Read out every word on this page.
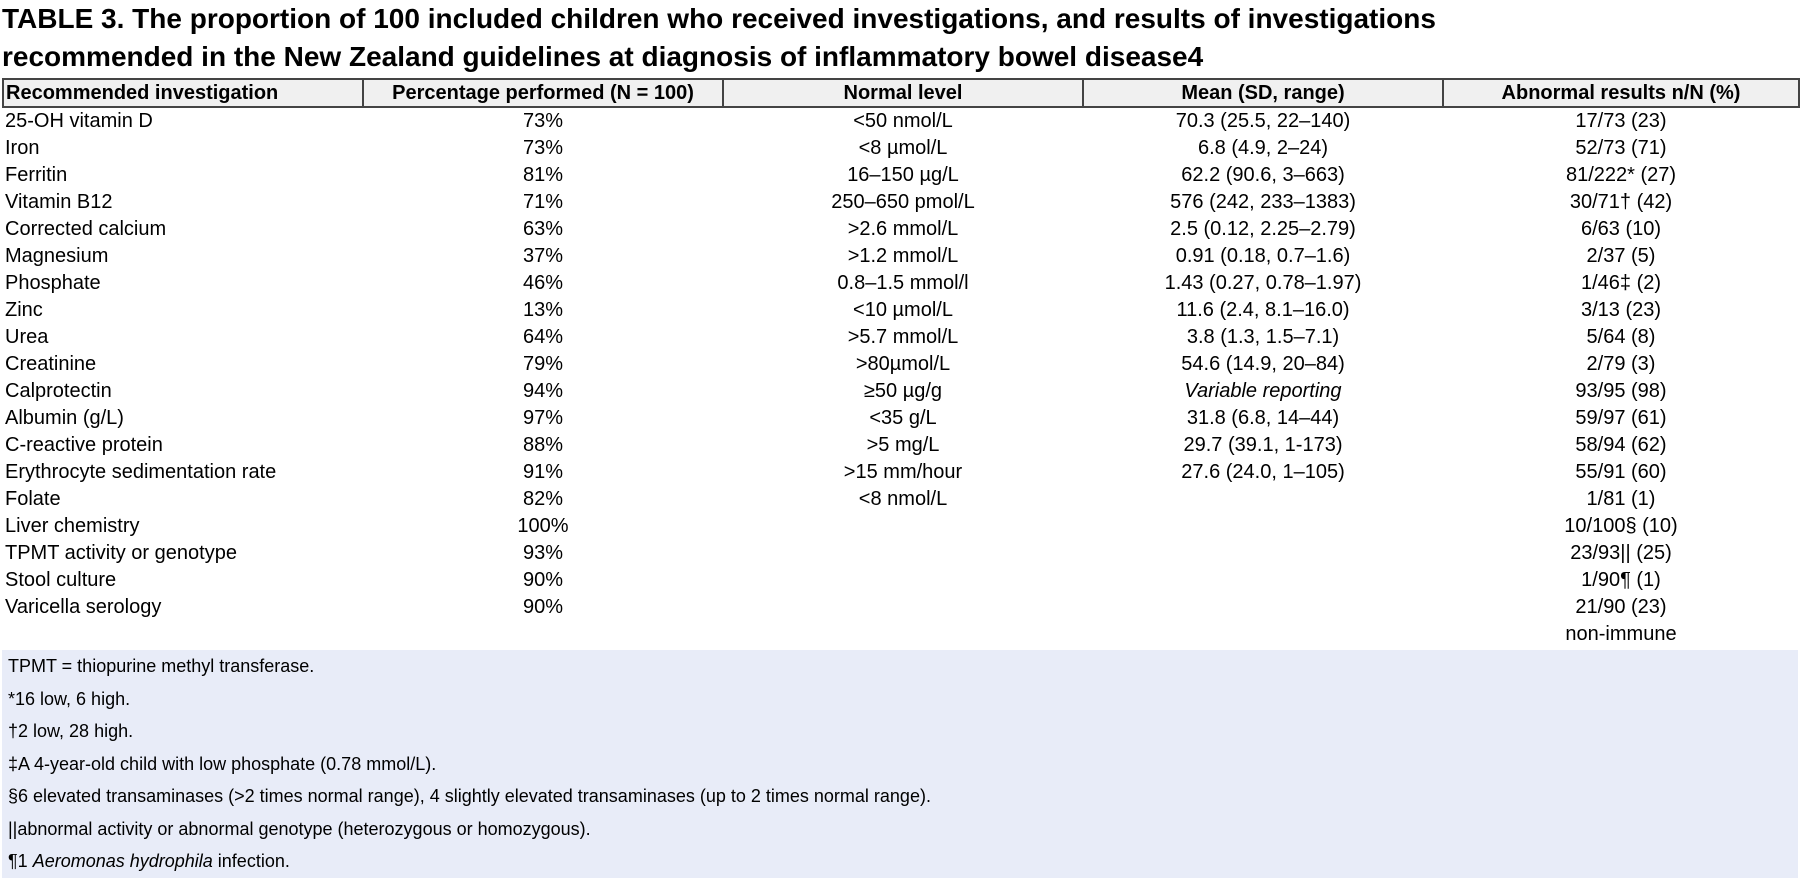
TABLE 3. The proportion of 100 included children who received investigations, and results of investigations
recommended in the New Zealand guidelines at diagnosis of inflammatory bowel disease4
Recommended investigation	Percentage performed (N = 100)	Normal level	Mean (SD, range)	Abnormal results n/N (%)
25-OH vitamin D	73%	<50 nmol/L	70.3 (25.5, 22–140)	17/73 (23)
Iron	73%	<8 µmol/L	6.8 (4.9, 2–24)	52/73 (71)
Ferritin	81%	16–150 µg/L	62.2 (90.6, 3–663)	81/222* (27)
Vitamin B12	71%	250–650 pmol/L	576 (242, 233–1383)	30/71† (42)
Corrected calcium	63%	>2.6 mmol/L	2.5 (0.12, 2.25–2.79)	6/63 (10)
Magnesium	37%	>1.2 mmol/L	0.91 (0.18, 0.7–1.6)	2/37 (5)
Phosphate	46%	0.8–1.5 mmol/l	1.43 (0.27, 0.78–1.97)	1/46‡ (2)
Zinc	13%	<10 µmol/L	11.6 (2.4, 8.1–16.0)	3/13 (23)
Urea	64%	>5.7 mmol/L	3.8 (1.3, 1.5–7.1)	5/64 (8)
Creatinine	79%	>80µmol/L	54.6 (14.9, 20–84)	2/79 (3)
Calprotectin	94%	≥50 µg/g	Variable reporting	93/95 (98)
Albumin (g/L)	97%	<35 g/L	31.8 (6.8, 14–44)	59/97 (61)
C-reactive protein	88%	>5 mg/L	29.7 (39.1, 1-173)	58/94 (62)
Erythrocyte sedimentation rate	91%	>15 mm/hour	27.6 (24.0, 1–105)	55/91 (60)
Folate	82%	<8 nmol/L		1/81 (1)
Liver chemistry	100%			10/100§ (10)
TPMT activity or genotype	93%			23/93|| (25)
Stool culture	90%			1/90¶ (1)
Varicella serology	90%			21/90 (23)
				non-immune
TPMT = thiopurine methyl transferase.
*16 low, 6 high.
†2 low, 28 high.
‡A 4-year-old child with low phosphate (0.78 mmol/L).
§6 elevated transaminases (>2 times normal range), 4 slightly elevated transaminases (up to 2 times normal range).
||abnormal activity or abnormal genotype (heterozygous or homozygous).
¶1 Aeromonas hydrophila infection.
